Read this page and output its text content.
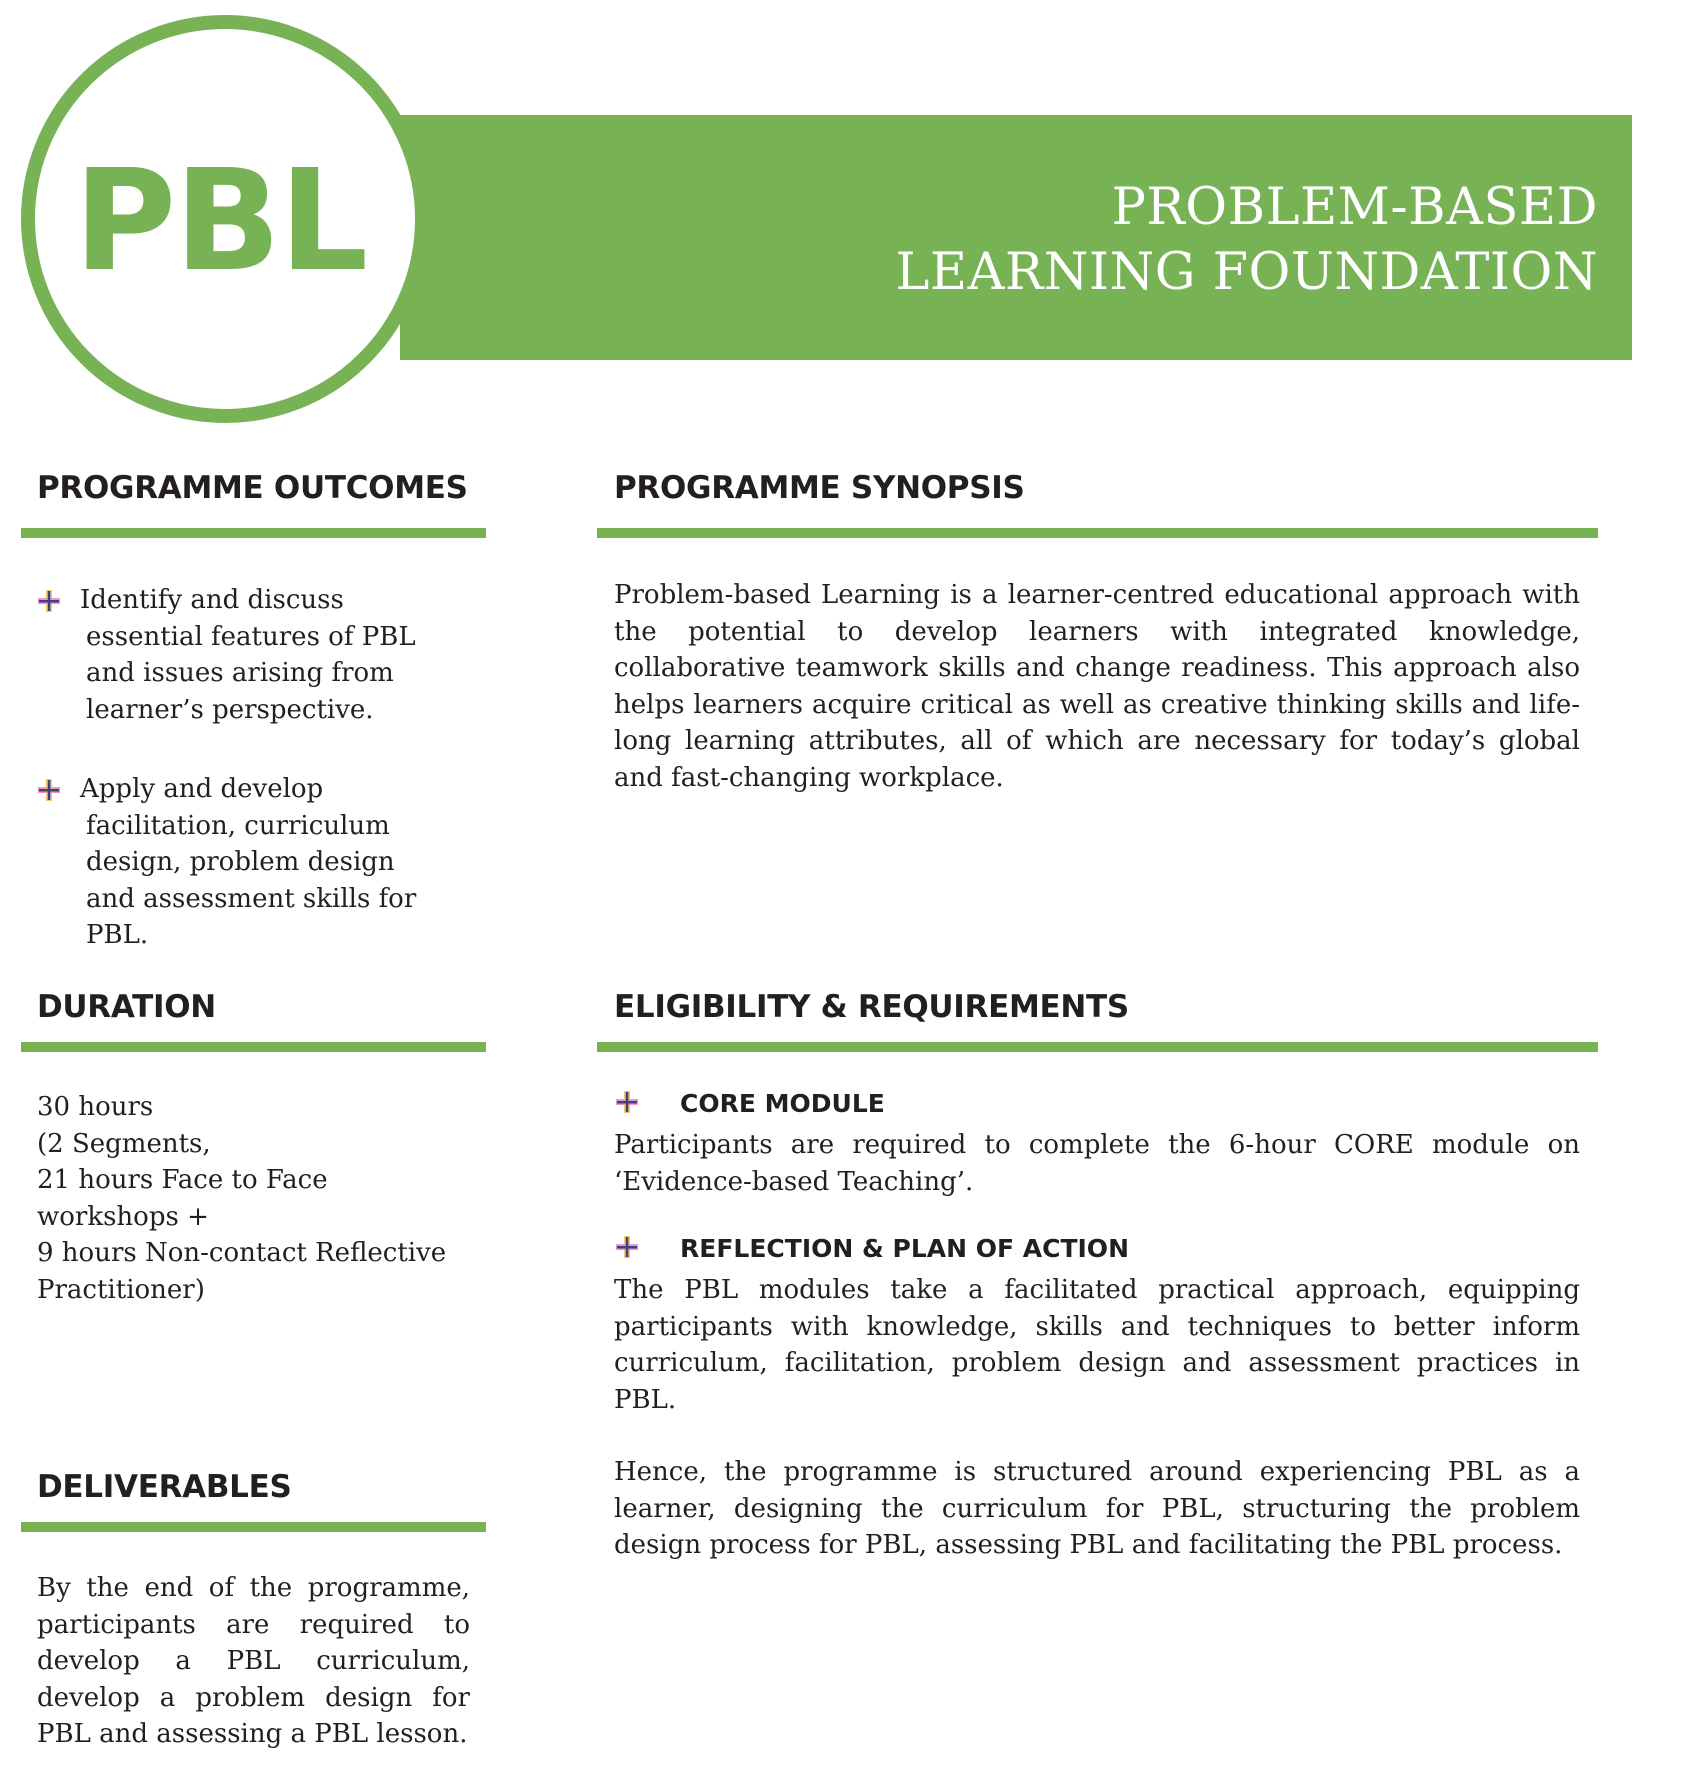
PROBLEM-BASED
LEARNING FOUNDATION
PBL
PROGRAMME OUTCOMES
Identify and discuss
essential features of PBL
and issues arising from
learner’s perspective.
Apply and develop
facilitation, curriculum
design, problem design
and assessment skills for
PBL.
PROGRAMME SYNOPSIS
Problem-based Learning is a learner-centred educational approach with the potential to develop learners with integrated knowledge, collaborative teamwork skills and change readiness. This approach also helps learners acquire critical as well as creative thinking skills and life-long learning attributes, all of which are necessary for today’s global and fast-changing workplace.
DURATION
30 hours
(2 Segments,
21 hours Face to Face
workshops +
9 hours Non-contact Reflective
Practitioner)
ELIGIBILITY & REQUIREMENTS
CORE MODULE
Participants are required to complete the 6-hour CORE module on ‘Evidence-based Teaching’.
REFLECTION & PLAN OF ACTION
The PBL modules take a facilitated practical approach, equipping participants with knowledge, skills and techniques to better inform curriculum, facilitation, problem design and assessment practices in PBL.
Hence, the programme is structured around experiencing PBL as a learner, designing the curriculum for PBL, structuring the problem design process for PBL, assessing PBL and facilitating the PBL process.
DELIVERABLES
By the end of the programme, participants are required to develop a PBL curriculum, develop a problem design for PBL and assessing a PBL lesson.
